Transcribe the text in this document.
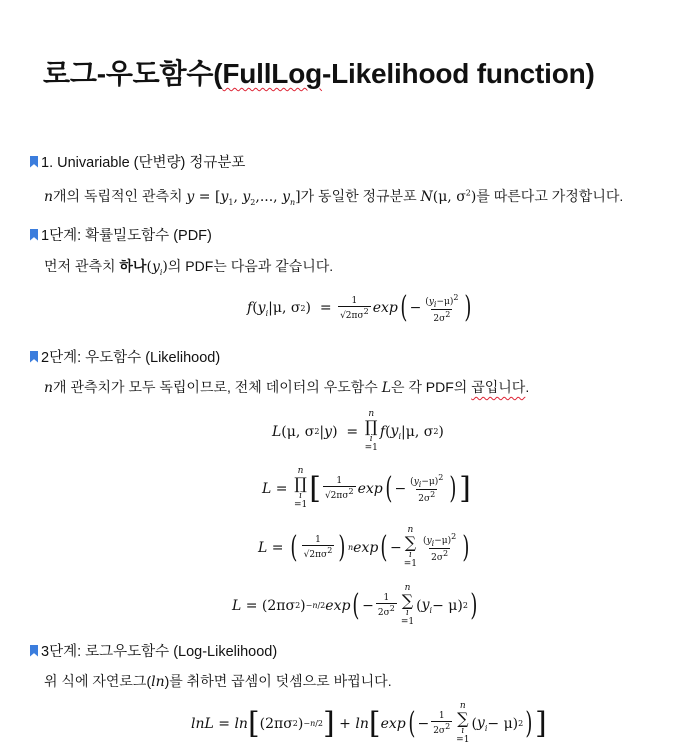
로그-우도함수(FullLog-Likelihood function)
1. Univariable (단변량) 정규분포
n개의 독립적인 관측치 $y = [y_1$, $y_2$,..., $y_n$]가 동일한 정규분포 N(μ, $\sigma^2$)를 따른다고 가정합니다.
1단계: 확률밀도함수 (PDF)
먼저 관측치 하나$(y_i)$의 PDF는 다음과 같습니다.
f ( $y_i$ |μ, σ 2 )  = $\frac{1}{√2\pi\sigma^2}$ exp ( − $\frac{(y_i-\mu)^2}{2\sigma^2}$ )
2단계: 우도함수 (Likelihood)
n개 관측치가 모두 독립이므로, 전체 데이터의 우도함수 L은 각 PDF의 곱입니다.
L (μ, σ 2 | y )  =
n
∏
i
=1
f ( $y_i$ |μ, σ 2 )
L =
n
∏
i
=1 [ $\frac{1}{√2\pi\sigma^2}$ exp ( − $\frac{(y_i-\mu)^2}{2\sigma^2}$ ) ]
L = ( $\frac{1}{√2\pi\sigma^2}$ ) n exp ( −
n
∑
i
=1
$\frac{(y_i-\mu)^2}{2\sigma^2}$ )
L = (2πσ 2 ) −n/2 exp ( − $\frac{1}{2\sigma^2}$
n
∑
i
=1
( $y_i - \mu$) 2 )
3단계: 로그우도함수 (Log-Likelihood)
위 식에 자연로그(ln)를 취하면 곱셈이 덧셈으로 바뀝니다.
lnL = ln [ (2πσ 2 ) −n/2 ] + ln [ exp ( − $\frac{1}{2\sigma^2}$
n
∑
i
=1
( $y_i - \mu$) 2 ) ]
